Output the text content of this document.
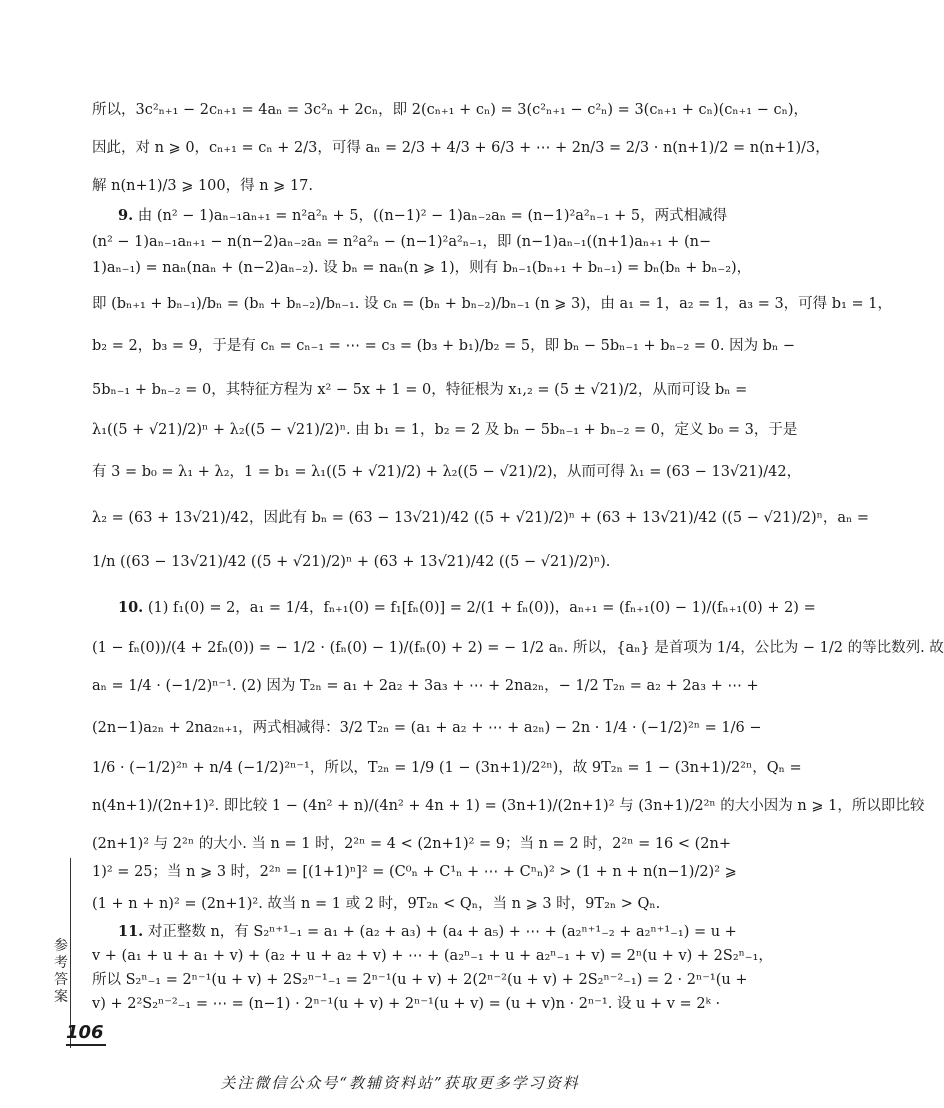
所以，3c²ₙ₊₁ − 2cₙ₊₁ = 4aₙ = 3c²ₙ + 2cₙ，即 2(cₙ₊₁ + cₙ) = 3(c²ₙ₊₁ − c²ₙ) = 3(cₙ₊₁ + cₙ)(cₙ₊₁ − cₙ)，
因此，对 n ⩾ 0，cₙ₊₁ = cₙ + 2/3，可得 aₙ = 2/3 + 4/3 + 6/3 + ⋯ + 2n/3 = 2/3 · n(n+1)/2 = n(n+1)/3，
解 n(n+1)/3 ⩾ 100，得 n ⩾ 17.
9. 由 (n² − 1)aₙ₋₁aₙ₊₁ = n²a²ₙ + 5，((n−1)² − 1)aₙ₋₂aₙ = (n−1)²a²ₙ₋₁ + 5，两式相减得
(n² − 1)aₙ₋₁aₙ₊₁ − n(n−2)aₙ₋₂aₙ = n²a²ₙ − (n−1)²a²ₙ₋₁，即 (n−1)aₙ₋₁((n+1)aₙ₊₁ + (n−
1)aₙ₋₁) = naₙ(naₙ + (n−2)aₙ₋₂). 设 bₙ = naₙ(n ⩾ 1)，则有 bₙ₋₁(bₙ₊₁ + bₙ₋₁) = bₙ(bₙ + bₙ₋₂)，
即 (bₙ₊₁ + bₙ₋₁)/bₙ = (bₙ + bₙ₋₂)/bₙ₋₁. 设 cₙ = (bₙ + bₙ₋₂)/bₙ₋₁ (n ⩾ 3)，由 a₁ = 1，a₂ = 1，a₃ = 3，可得 b₁ = 1，
b₂ = 2，b₃ = 9，于是有 cₙ = cₙ₋₁ = ⋯ = c₃ = (b₃ + b₁)/b₂ = 5，即 bₙ − 5bₙ₋₁ + bₙ₋₂ = 0. 因为 bₙ −
5bₙ₋₁ + bₙ₋₂ = 0，其特征方程为 x² − 5x + 1 = 0，特征根为 x₁,₂ = (5 ± √21)/2，从而可设 bₙ =
λ₁((5 + √21)/2)ⁿ + λ₂((5 − √21)/2)ⁿ. 由 b₁ = 1，b₂ = 2 及 bₙ − 5bₙ₋₁ + bₙ₋₂ = 0，定义 b₀ = 3，于是
有 3 = b₀ = λ₁ + λ₂，1 = b₁ = λ₁((5 + √21)/2) + λ₂((5 − √21)/2)，从而可得 λ₁ = (63 − 13√21)/42，
λ₂ = (63 + 13√21)/42，因此有 bₙ = (63 − 13√21)/42 ((5 + √21)/2)ⁿ + (63 + 13√21)/42 ((5 − √21)/2)ⁿ，aₙ =
1/n ((63 − 13√21)/42 ((5 + √21)/2)ⁿ + (63 + 13√21)/42 ((5 − √21)/2)ⁿ).
10. (1) f₁(0) = 2，a₁ = 1/4，fₙ₊₁(0) = f₁[fₙ(0)] = 2/(1 + fₙ(0))，aₙ₊₁ = (fₙ₊₁(0) − 1)/(fₙ₊₁(0) + 2) =
(1 − fₙ(0))/(4 + 2fₙ(0)) = − 1/2 · (fₙ(0) − 1)/(fₙ(0) + 2) = − 1/2 aₙ. 所以，{aₙ} 是首项为 1/4，公比为 − 1/2 的等比数列. 故
aₙ = 1/4 · (−1/2)ⁿ⁻¹. (2) 因为 T₂ₙ = a₁ + 2a₂ + 3a₃ + ⋯ + 2na₂ₙ，− 1/2 T₂ₙ = a₂ + 2a₃ + ⋯ +
(2n−1)a₂ₙ + 2na₂ₙ₊₁，两式相减得：3/2 T₂ₙ = (a₁ + a₂ + ⋯ + a₂ₙ) − 2n · 1/4 · (−1/2)²ⁿ = 1/6 −
1/6 · (−1/2)²ⁿ + n/4 (−1/2)²ⁿ⁻¹，所以，T₂ₙ = 1/9 (1 − (3n+1)/2²ⁿ)，故 9T₂ₙ = 1 − (3n+1)/2²ⁿ，Qₙ =
n(4n+1)/(2n+1)². 即比较 1 − (4n² + n)/(4n² + 4n + 1) = (3n+1)/(2n+1)² 与 (3n+1)/2²ⁿ 的大小因为 n ⩾ 1，所以即比较
(2n+1)² 与 2²ⁿ 的大小. 当 n = 1 时，2²ⁿ = 4 < (2n+1)² = 9；当 n = 2 时，2²ⁿ = 16 < (2n+
1)² = 25；当 n ⩾ 3 时，2²ⁿ = [(1+1)ⁿ]² = (C⁰ₙ + C¹ₙ + ⋯ + Cⁿₙ)² > (1 + n + n(n−1)/2)² ⩾
(1 + n + n)² = (2n+1)². 故当 n = 1 或 2 时，9T₂ₙ < Qₙ，当 n ⩾ 3 时，9T₂ₙ > Qₙ.
11. 对正整数 n，有 S₂ⁿ⁺¹₋₁ = a₁ + (a₂ + a₃) + (a₄ + a₅) + ⋯ + (a₂ⁿ⁺¹₋₂ + a₂ⁿ⁺¹₋₁) = u +
v + (a₁ + u + a₁ + v) + (a₂ + u + a₂ + v) + ⋯ + (a₂ⁿ₋₁ + u + a₂ⁿ₋₁ + v) = 2ⁿ(u + v) + 2S₂ⁿ₋₁，
所以 S₂ⁿ₋₁ = 2ⁿ⁻¹(u + v) + 2S₂ⁿ⁻¹₋₁ = 2ⁿ⁻¹(u + v) + 2(2ⁿ⁻²(u + v) + 2S₂ⁿ⁻²₋₁) = 2 · 2ⁿ⁻¹(u +
v) + 2²S₂ⁿ⁻²₋₁ = ⋯ = (n−1) · 2ⁿ⁻¹(u + v) + 2ⁿ⁻¹(u + v) = (u + v)n · 2ⁿ⁻¹. 设 u + v = 2ᵏ ·
参考答案
106
关注微信公众号“教辅资料站”获取更多学习资料
